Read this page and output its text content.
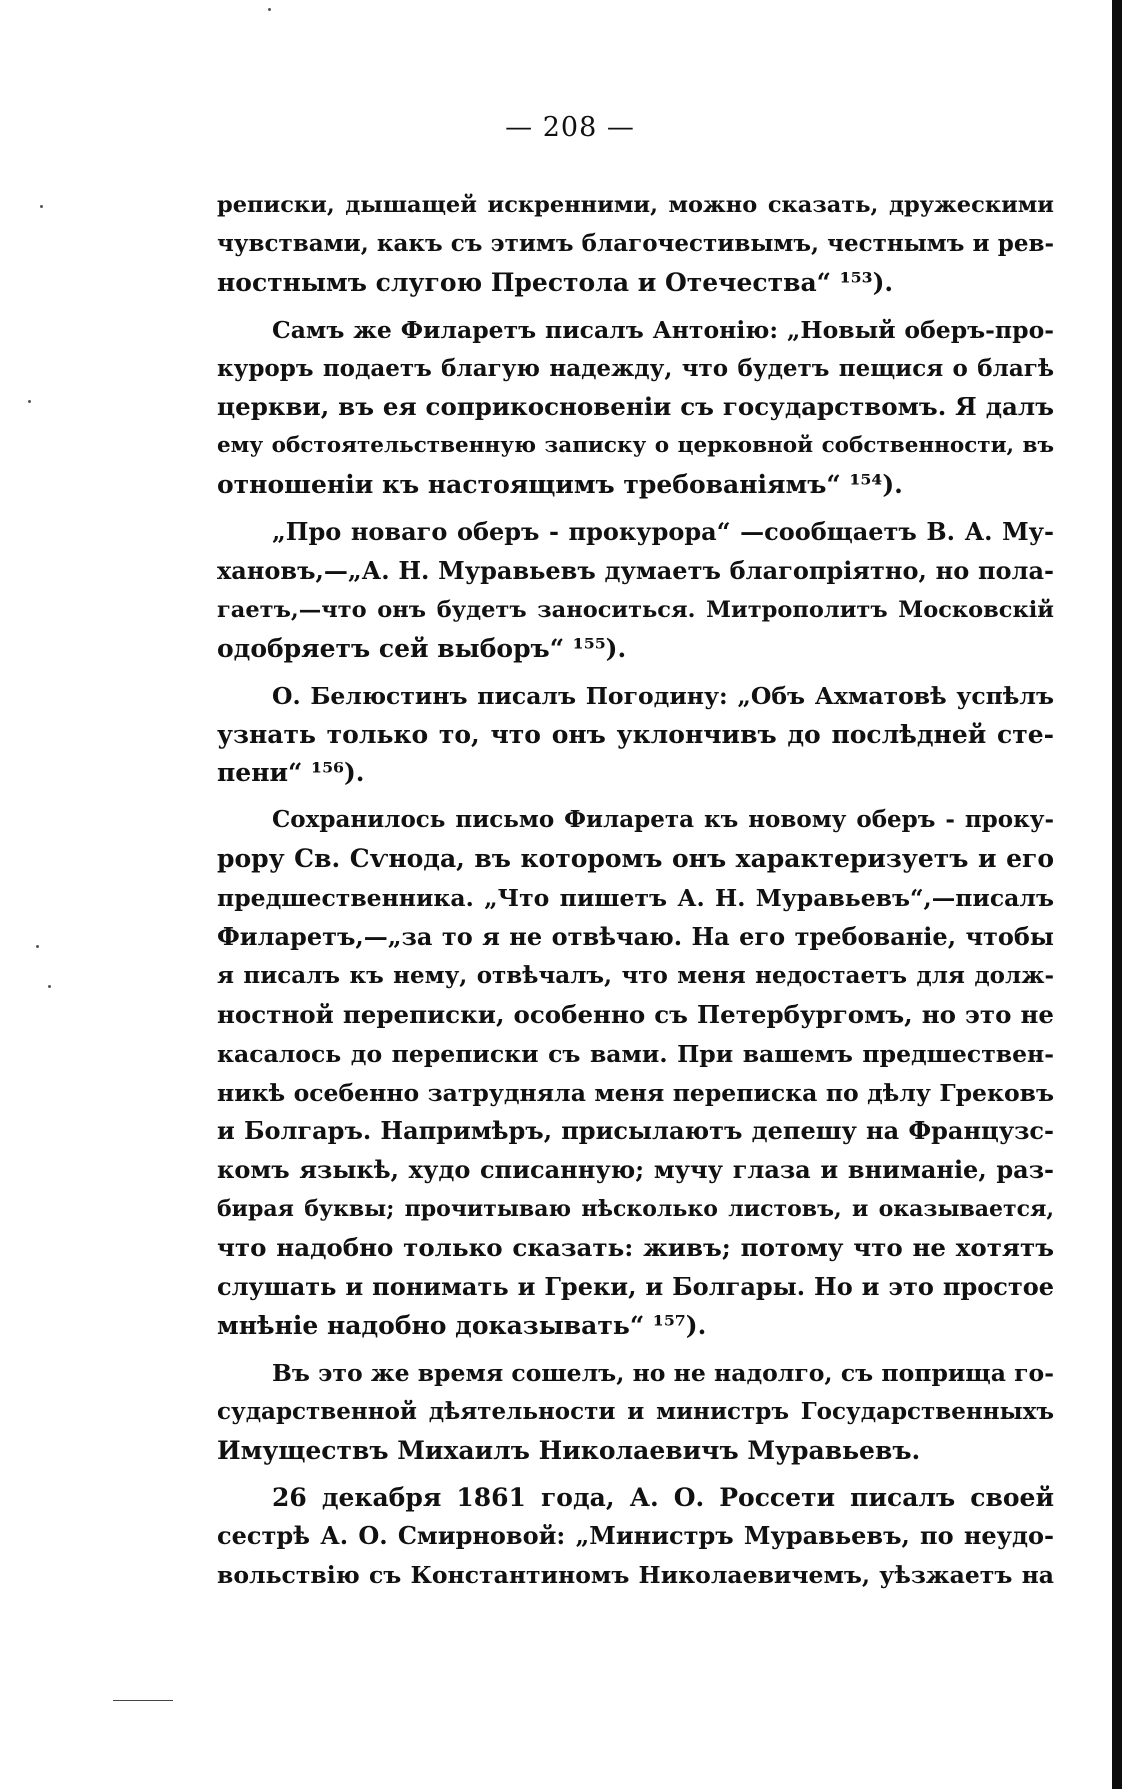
— 208 —
реписки, дышащей искренними, можно сказать, дружескими
чувствами, какъ съ этимъ благочестивымъ, честнымъ и рев-
ностнымъ слугою Престола и Отечества“ ¹⁵³).
Самъ же Филаретъ писалъ Антонію: „Новый оберъ-про-
куроръ подаетъ благую надежду, что будетъ пещися о благѣ
церкви, въ ея соприкосновеніи съ государствомъ. Я далъ
ему обстоятельственную записку о церковной собственности, въ
отношеніи къ настоящимъ требованіямъ“ ¹⁵⁴).
„Про новаго оберъ - прокурора“ —сообщаетъ В. А. Му-
хановъ,—„А. Н. Муравьевъ думаетъ благопріятно, но пола-
гаетъ,—что онъ будетъ заноситься. Митрополитъ Московскій
одобряетъ сей выборъ“ ¹⁵⁵).
О. Белюстинъ писалъ Погодину: „Объ Ахматовѣ успѣлъ
узнать только то, что онъ уклончивъ до послѣдней сте-
пени“ ¹⁵⁶).
Сохранилось письмо Филарета къ новому оберъ - проку-
рору Св. Сѵнода, въ которомъ онъ характеризуетъ и его
предшественника. „Что пишетъ А. Н. Муравьевъ“,—писалъ
Филаретъ,—„за то я не отвѣчаю. На его требованіе, чтобы
я писалъ къ нему, отвѣчалъ, что меня недостаетъ для долж-
ностной переписки, особенно съ Петербургомъ, но это не
касалось до переписки съ вами. При вашемъ предшествен-
никѣ осебенно затрудняла меня переписка по дѣлу Грековъ
и Болгаръ. Напримѣръ, присылаютъ депешу на Французс-
комъ языкѣ, худо списанную; мучу глаза и вниманіе, раз-
бирая буквы; прочитываю нѣсколько листовъ, и оказывается,
что надобно только сказать: живъ; потому что не хотятъ
слушать и понимать и Греки, и Болгары. Но и это простое
мнѣніе надобно доказывать“ ¹⁵⁷).
Въ это же время сошелъ, но не надолго, съ поприща го-
сударственной дѣятельности и министръ Государственныхъ
Имуществъ Михаилъ Николаевичъ Муравьевъ.
26 декабря 1861 года, А. О. Россети писалъ своей
сестрѣ А. О. Смирновой: „Министръ Муравьевъ, по неудо-
вольствію съ Константиномъ Николаевичемъ, уѣзжаетъ на
